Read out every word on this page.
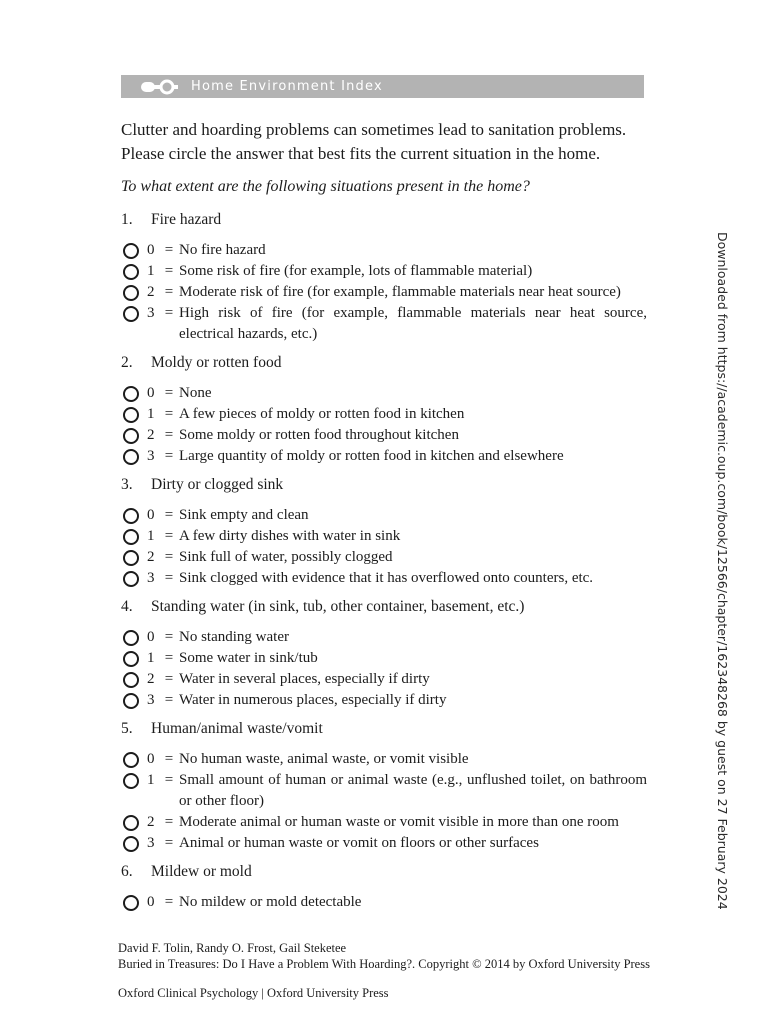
Home Environment Index

Clutter and hoarding problems can sometimes lead to sanitation problems. Please circle the answer that best fits the current situation in the home.

To what extent are the following situations present in the home?

1.	Fire hazard
0 = No fire hazard
1 = Some risk of fire (for example, lots of flammable material)
2 = Moderate risk of fire (for example, flammable materials near heat source)
3 = High risk of fire (for example, flammable materials near heat source, electrical hazards, etc.)
2.	Moldy or rotten food
0 = None
1 = A few pieces of moldy or rotten food in kitchen
2 = Some moldy or rotten food throughout kitchen
3 = Large quantity of moldy or rotten food in kitchen and elsewhere
3.	Dirty or clogged sink
0 = Sink empty and clean
1 = A few dirty dishes with water in sink
2 = Sink full of water, possibly clogged
3 = Sink clogged with evidence that it has overflowed onto counters, etc.
4.	Standing water (in sink, tub, other container, basement, etc.)
0 = No standing water
1 = Some water in sink/tub
2 = Water in several places, especially if dirty
3 = Water in numerous places, especially if dirty
5.	Human/animal waste/vomit
0 = No human waste, animal waste, or vomit visible
1 = Small amount of human or animal waste (e.g., unflushed toilet, on bathroom or other floor)
2 = Moderate animal or human waste or vomit visible in more than one room
3 = Animal or human waste or vomit on floors or other surfaces
6.	Mildew or mold
0 = No mildew or mold detectable	Downloaded from https://academic.oup.com/book/12566/chapter/162348268 by guest on 27 February 2024
David F. Tolin, Randy O. Frost, Gail Steketee
Buried in Treasures: Do I Have a Problem With Hoarding?. Copyright © 2014 by Oxford University Press
Oxford Clinical Psychology | Oxford University Press
